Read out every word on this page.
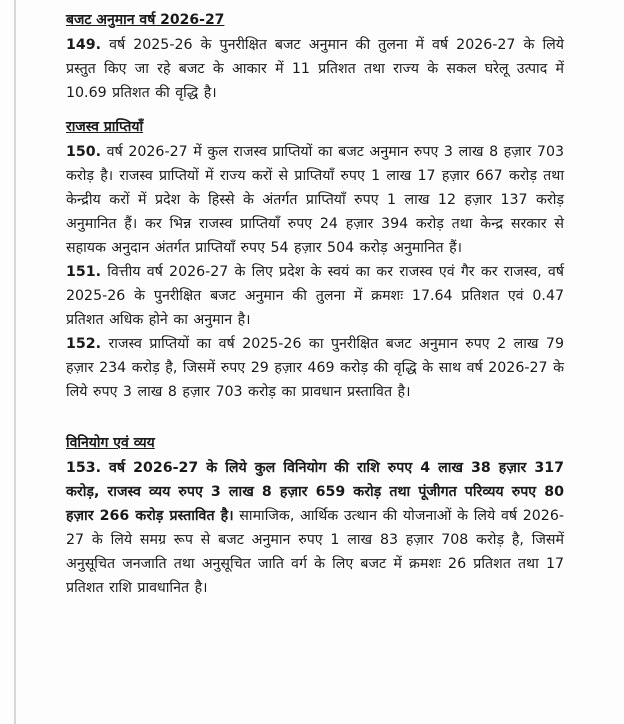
बजट अनुमान वर्ष 2026-27

149. वर्ष 2025-26 के पुनरीक्षित बजट अनुमान की तुलना में वर्ष 2026-27 के लिये प्रस्तुत किए जा रहे बजट के आकार में 11 प्रतिशत तथा राज्य के सकल घरेलू उत्पाद में 10.69 प्रतिशत की वृद्धि है।

राजस्व प्राप्तियाँ

150. वर्ष 2026-27 में कुल राजस्व प्राप्तियों का बजट अनुमान रुपए 3 लाख 8 हज़ार 703 करोड़ है। राजस्व प्राप्तियों में राज्य करों से प्राप्तियाँ रुपए 1 लाख 17 हज़ार 667 करोड़ तथा केन्द्रीय करों में प्रदेश के हिस्से के अंतर्गत प्राप्तियाँ रुपए 1 लाख 12 हज़ार 137 करोड़ अनुमानित हैं। कर भिन्न राजस्व प्राप्तियाँ रुपए 24 हज़ार 394 करोड़ तथा केन्द्र सरकार से सहायक अनुदान अंतर्गत प्राप्तियाँ रुपए 54 हज़ार 504 करोड़ अनुमानित हैं।

151. वित्तीय वर्ष 2026-27 के लिए प्रदेश के स्वयं का कर राजस्व एवं गैर कर राजस्व, वर्ष 2025-26 के पुनरीक्षित बजट अनुमान की तुलना में क्रमशः 17.64 प्रतिशत एवं 0.47 प्रतिशत अधिक होने का अनुमान है।

152. राजस्व प्राप्तियों का वर्ष 2025-26 का पुनरीक्षित बजट अनुमान रुपए 2 लाख 79 हज़ार 234 करोड़ है, जिसमें रुपए 29 हज़ार 469 करोड़ की वृद्धि के साथ वर्ष 2026-27 के लिये रुपए 3 लाख 8 हज़ार 703 करोड़ का प्रावधान प्रस्तावित है।

विनियोग एवं व्यय

153. वर्ष 2026-27 के लिये कुल विनियोग की राशि रुपए 4 लाख 38 हज़ार 317 करोड़, राजस्व व्यय रुपए 3 लाख 8 हज़ार 659 करोड़ तथा पूंजीगत परिव्यय रुपए 80 हज़ार 266 करोड़ प्रस्तावित है। सामाजिक, आर्थिक उत्थान की योजनाओं के लिये वर्ष 2026-27 के लिये समग्र रूप से बजट अनुमान रुपए 1 लाख 83 हज़ार 708 करोड़ है, जिसमें अनुसूचित जनजाति तथा अनुसूचित जाति वर्ग के लिए बजट में क्रमशः 26 प्रतिशत तथा 17 प्रतिशत राशि प्रावधानित है।
